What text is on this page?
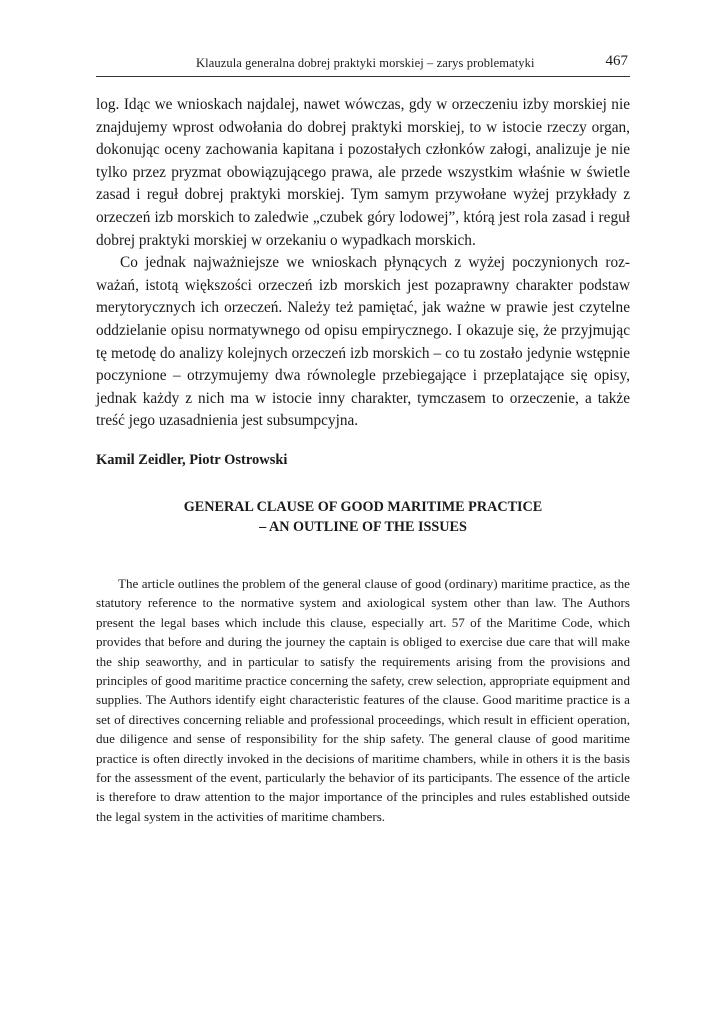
Klauzula generalna dobrej praktyki morskiej – zarys problematyki	467

log. Idąc we wnioskach najdalej, nawet wówczas, gdy w orzeczeniu izby morskiej nie znajdujemy wprost odwołania do dobrej praktyki morskiej, to w istocie rzeczy organ, dokonując oceny zachowania kapitana i pozostałych członków załogi, analizuje je nie tylko przez pryzmat obowiązującego prawa, ale przede wszystkim właśnie w świetle zasad i reguł dobrej praktyki morskiej. Tym samym przywołane wyżej przykłady z orzeczeń izb morskich to zaledwie „czubek góry lodowej”, którą jest rola zasad i reguł dobrej praktyki morskiej w orzekaniu o wypadkach morskich.

Co jednak najważniejsze we wnioskach płynących z wyżej poczynionych rozważań, istotą większości orzeczeń izb morskich jest pozaprawny charakter podstaw merytorycznych ich orzeczeń. Należy też pamiętać, jak ważne w prawie jest czytelne oddzielanie opisu normatywnego od opisu empirycznego. I okazuje się, że przyjmując tę metodę do analizy kolejnych orzeczeń izb morskich – co tu zostało jedynie wstępnie poczynione – otrzymujemy dwa równolegle przebiegające i przeplatające się opisy, jednak każdy z nich ma w istocie inny charakter, tymczasem to orzeczenie, a także treść jego uzasadnienia jest subsumpcyjna.

Kamil Zeidler, Piotr Ostrowski
GENERAL CLAUSE OF GOOD MARITIME PRACTICE
– AN OUTLINE OF THE ISSUES

The article outlines the problem of the general clause of good (ordinary) maritime practice, as the statutory reference to the normative system and axiological system other than law. The Authors present the legal bases which include this clause, especially art. 57 of the Maritime Code, which provides that before and during the journey the captain is obliged to exercise due care that will make the ship seaworthy, and in particular to satisfy the requirements arising from the provisions and principles of good maritime practice concerning the safety, crew selection, appropriate equipment and supplies. The Authors identify eight characteristic features of the clause. Good maritime practice is a set of directives concerning reliable and professional proceedings, which result in efficient operation, due diligence and sense of responsibility for the ship safety. The general clause of good maritime practice is often directly invoked in the decisions of maritime chambers, while in others it is the basis for the assessment of the event, particularly the behavior of its participants. The essence of the article is therefore to draw attention to the major importance of the principles and rules established outside the legal system in the activities of maritime chambers.
